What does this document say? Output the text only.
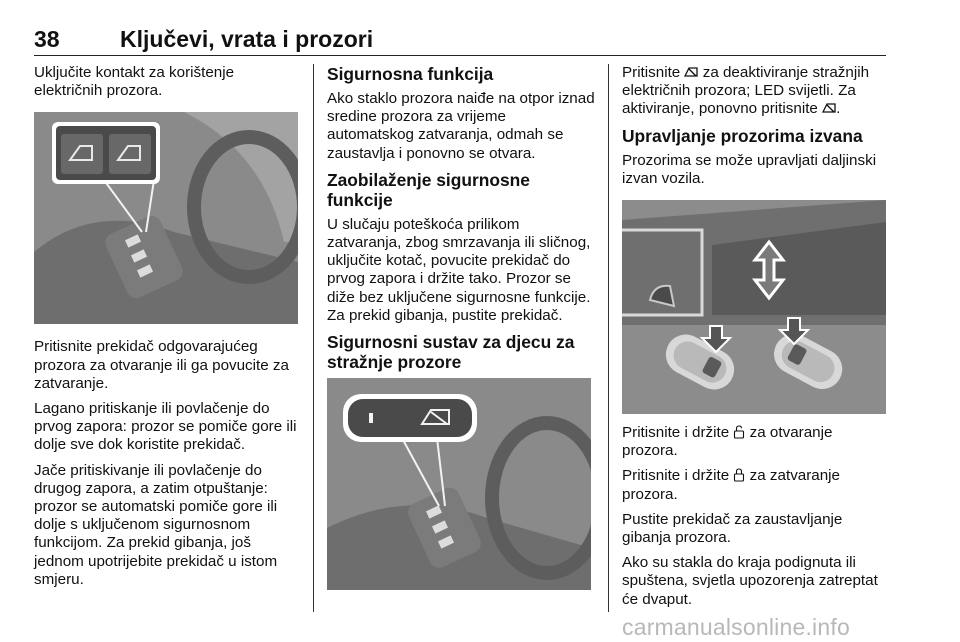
38	Ključevi, vrata i prozori

Uključite kontakt za korištenje električnih prozora.

Pritisnite prekidač odgovarajućeg prozora za otvaranje ili ga povucite za zatvaranje.

Lagano pritiskanje ili povlačenje do prvog zapora: prozor se pomiče gore ili dolje sve dok koristite prekidač.

Jače pritiskivanje ili povlačenje do drugog zapora, a zatim otpuštanje: prozor se automatski pomiče gore ili dolje s uključenom sigurnosnom funkcijom. Za prekid gibanja, još jednom upotrijebite prekidač u istom smjeru.

Sigurnosna funkcija

Ako staklo prozora naiđe na otpor iznad sredine prozora za vrijeme automatskog zatvaranja, odmah se zaustavlja i ponovno se otvara.

Zaobilaženje sigurnosne funkcije

U slučaju poteškoća prilikom zatvaranja, zbog smrzavanja ili sličnog, uključite kotač, povucite prekidač do prvog zapora i držite tako. Prozor se diže bez uključene sigurnosne funkcije. Za prekid gibanja, pustite prekidač.

Sigurnosni sustav za djecu za stražnje prozore

Pritisnite za deaktiviranje stražnjih električnih prozora; LED svijetli. Za aktiviranje, ponovno pritisnite .

Upravljanje prozorima izvana

Prozorima se može upravljati daljinski izvan vozila.

Pritisnite i držite za otvaranje prozora.

Pritisnite i držite za zatvaranje prozora.

Pustite prekidač za zaustavljanje gibanja prozora.

Ako su stakla do kraja podignuta ili spuštena, svjetla upozorenja zatreptat će dvaput.

carmanualsonline.info
